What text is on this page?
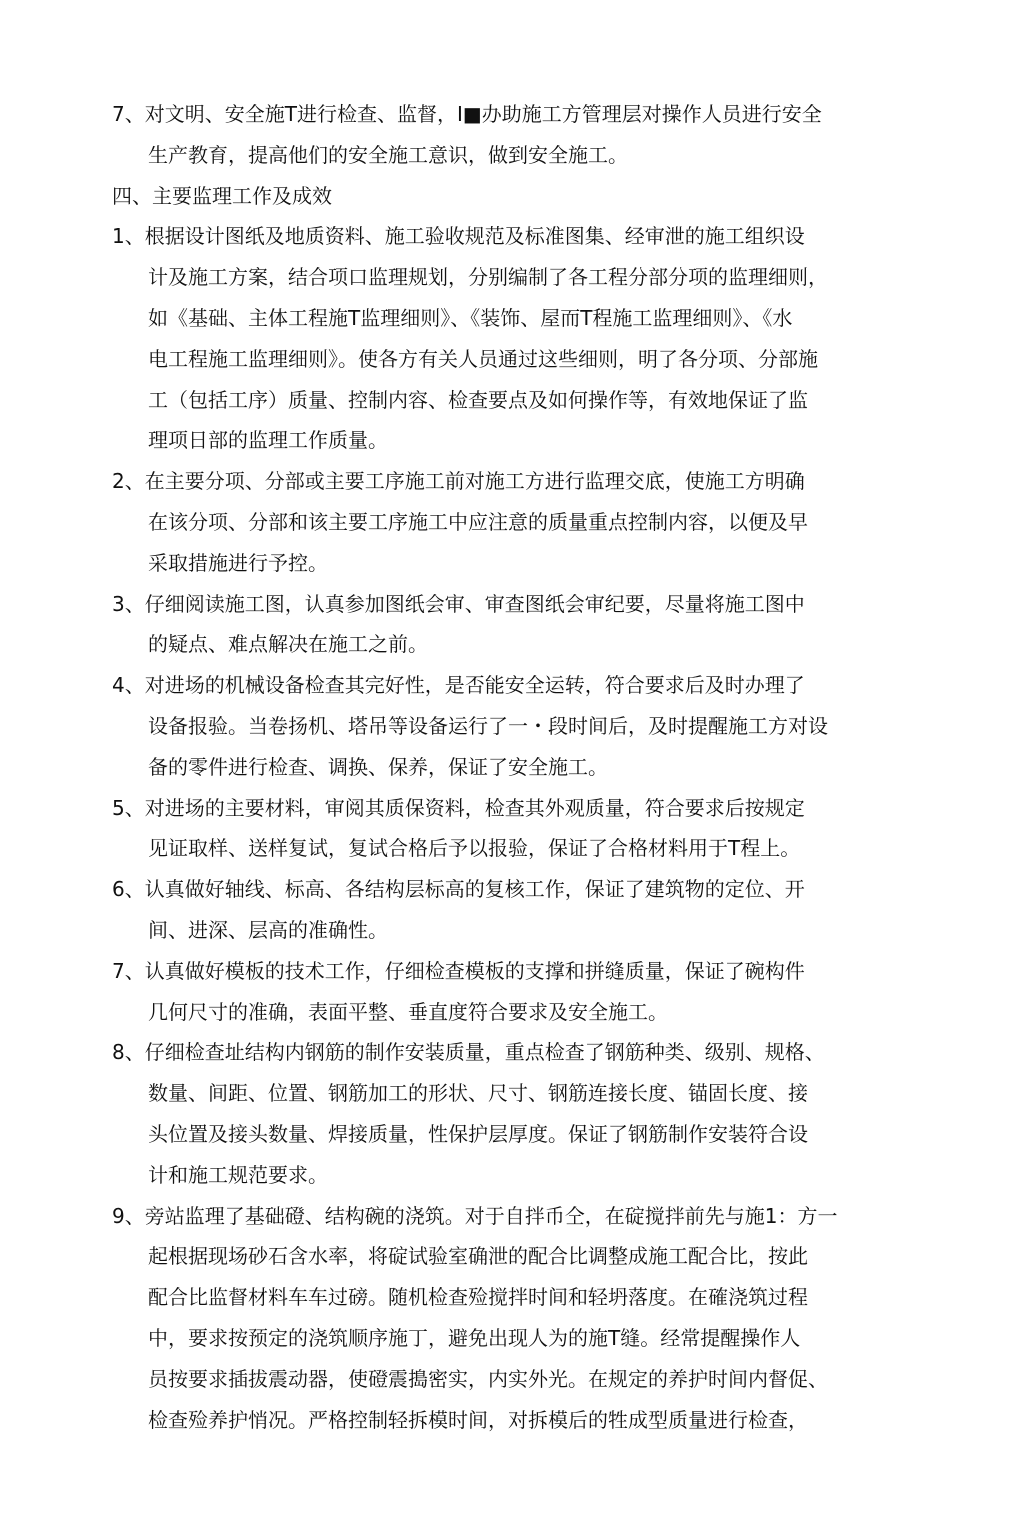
7、对文明、安全施T进行检查、监督，I■办助施工方管理层对操作人员进行安全
生产教育，提高他们的安全施工意识，做到安全施工。
四、主要监理工作及成效
1、根据设计图纸及地质资料、施工验收规范及标准图集、经审泄的施工组织设
计及施工方案，结合项口监理规划，分别编制了各工程分部分项的监理细则，
如《基础、主体工程施T监理细则》、《装饰、屋而T程施工监理细则》、《水
电工程施工监理细则》。使各方有关人员通过这些细则，明了各分项、分部施
工（包括工序）质量、控制内容、检查要点及如何操作等，有效地保证了监
理项日部的监理工作质量。
2、在主要分项、分部或主要工序施工前对施工方进行监理交底，使施工方明确
在该分项、分部和该主要工序施工中应注意的质量重点控制内容，以便及早
采取措施进行予控。
3、仔细阅读施工图，认真参加图纸会审、审查图纸会审纪要，尽量将施工图中
的疑点、难点解决在施工之前。
4、对进场的机械设备检查其完好性，是否能安全运转，符合要求后及时办理了
设备报验。当卷扬机、塔吊等设备运行了一・段时间后，及时提醒施工方对设
备的零件进行检查、调换、保养，保证了安全施工。
5、对进场的主要材料，审阅其质保资料，检查其外观质量，符合要求后按规定
见证取样、送样复试，复试合格后予以报验，保证了合格材料用于T程上。
6、认真做好轴线、标高、各结构层标高的复核工作，保证了建筑物的定位、开
间、进深、层高的准确性。
7、认真做好模板的技术工作，仔细检查模板的支撑和拼缝质量，保证了碗构件
几何尺寸的准确，表面平整、垂直度符合要求及安全施工。
8、仔细检查址结构内钢筋的制作安装质量，重点检查了钢筋种类、级别、规格、
数量、间距、位置、钢筋加工的形状、尺寸、钢筋连接长度、锚固长度、接
头位置及接头数量、焊接质量，性保护层厚度。保证了钢筋制作安装符合设
计和施工规范要求。
9、旁站监理了基础磴、结构碗的浇筑。对于自拌币仝，在碇搅拌前先与施1：方一
起根据现场砂石含水率，将碇试验室确泄的配合比调整成施工配合比，按此
配合比监督材料车车过磅。随机检查殓搅拌时间和轻坍落度。在確浇筑过程
中，要求按预定的浇筑顺序施丁，避免出现人为的施T缝。经常提醒操作人
员按要求插拔震动器，使磴震搗密实，内实外光。在规定的养护时间内督促、
检查殓养护悄况。严格控制轻拆模时间，对拆模后的牲成型质量进行检查，
